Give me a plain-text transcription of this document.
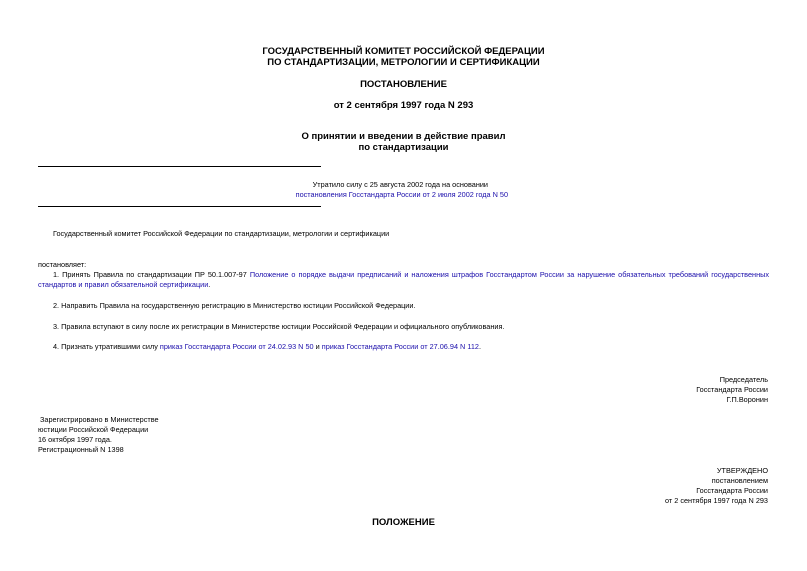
ГОСУДАРСТВЕННЫЙ КОМИТЕТ РОССИЙСКОЙ ФЕДЕРАЦИИ
ПО СТАНДАРТИЗАЦИИ, МЕТРОЛОГИИ И СЕРТИФИКАЦИИ
ПОСТАНОВЛЕНИЕ
от 2 сентября 1997 года N 293
О принятии и введении в действие правил
по стандартизации
Утратило силу с 25 августа 2002 года на основании
постановления Госстандарта России от 2 июля 2002 года N 50
Государственный комитет Российской Федерации по стандартизации, метрологии и сертификации
постановляет:
1. Принять Правила по стандартизации ПР 50.1.007-97 Положение о порядке выдачи предписаний и наложения штрафов Госстандартом России за нарушение обязательных требований государственных стандартов и правил обязательной сертификации.
2. Направить Правила на государственную регистрацию в Министерство юстиции Российской Федерации.
3. Правила вступают в силу после их регистрации в Министерстве юстиции Российской Федерации и официального опубликования.
4. Признать утратившими силу приказ Госстандарта России от 24.02.93 N 50 и приказ Госстандарта России от 27.06.94 N 112.
Председатель
Госстандарта России
Г.П.Воронин
Зарегистрировано в Министерстве
юстиции Российской Федерации
16 октября 1997 года.
Регистрационный N 1398
УТВЕРЖДЕНО
постановлением
Госстандарта России
от 2 сентября 1997 года N 293
ПОЛОЖЕНИЕ
